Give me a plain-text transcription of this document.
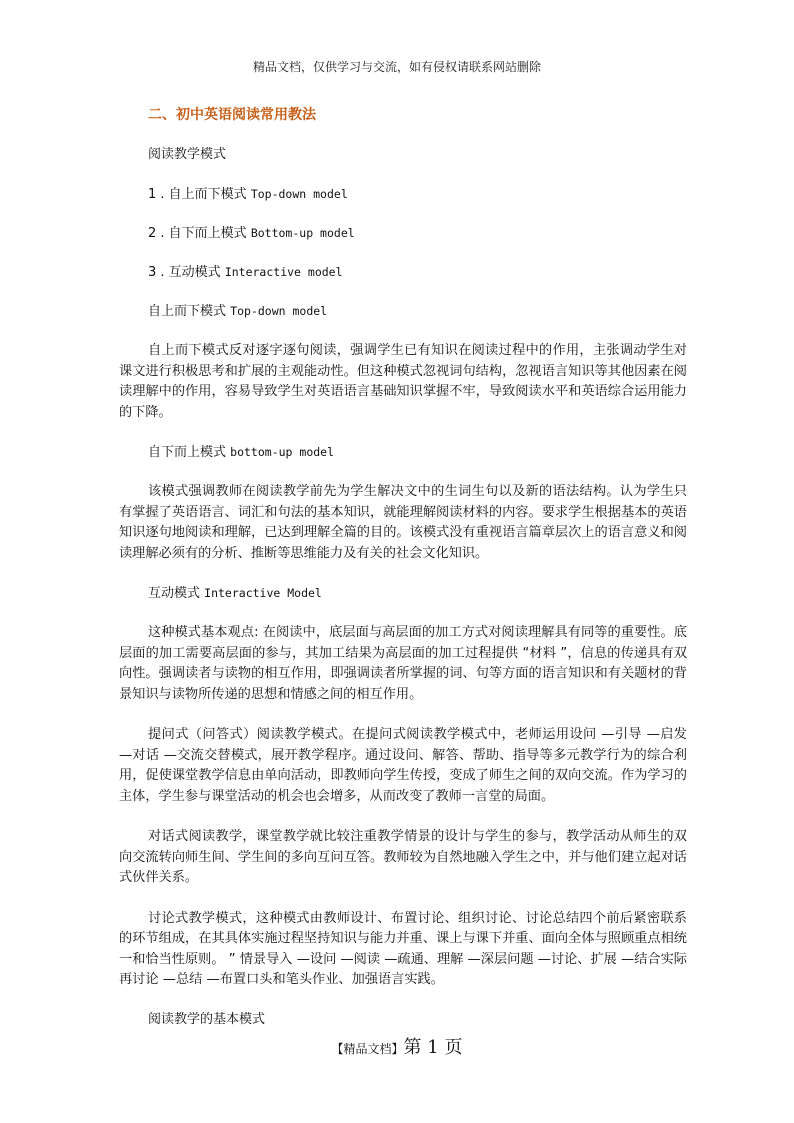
精品文档，仅供学习与交流，如有侵权请联系网站删除
二、初中英语阅读常用教法
阅读教学模式
1 . 自上而下模式 Top-down model
2 . 自下而上模式 Bottom-up model
3 . 互动模式 Interactive model
自上而下模式 Top-down model

自上而下模式反对逐字逐句阅读，强调学生已有知识在阅读过程中的作用，主张调动学生对课文进行积极思考和扩展的主观能动性。但这种模式忽视词句结构，忽视语言知识等其他因素在阅读理解中的作用，容易导致学生对英语语言基础知识掌握不牢，导致阅读水平和英语综合运用能力的下降。

自下而上模式 bottom-up model

该模式强调教师在阅读教学前先为学生解决文中的生词生句以及新的语法结构。认为学生只有掌握了英语语言、词汇和句法的基本知识，就能理解阅读材料的内容。要求学生根据基本的英语知识逐句地阅读和理解，已达到理解全篇的目的。该模式没有重视语言篇章层次上的语言意义和阅读理解必须有的分析、推断等思维能力及有关的社会文化知识。

互动模式 Interactive Model

这种模式基本观点: 在阅读中，底层面与高层面的加工方式对阅读理解具有同等的重要性。底层面的加工需要高层面的参与，其加工结果为高层面的加工过程提供 “材料 ”，信息的传递具有双向性。强调读者与读物的相互作用，即强调读者所掌握的词、句等方面的语言知识和有关题材的背景知识与读物所传递的思想和情感之间的相互作用。

提问式（问答式）阅读教学模式。在提问式阅读教学模式中，老师运用设问 —引导 —启发 —对话 —交流交替模式，展开教学程序。通过设问、解答、帮助、指导等多元教学行为的综合利用，促使课堂教学信息由单向活动，即教师向学生传授，变成了师生之间的双向交流。作为学习的主体，学生参与课堂活动的机会也会增多，从而改变了教师一言堂的局面。

对话式阅读教学，课堂教学就比较注重教学情景的设计与学生的参与，教学活动从师生的双向交流转向师生间、学生间的多向互问互答。教师较为自然地融入学生之中，并与他们建立起对话式伙伴关系。

讨论式教学模式，这种模式由教师设计、布置讨论、组织讨论、讨论总结四个前后紧密联系的环节组成，在其具体实施过程坚持知识与能力并重、课上与课下并重、面向全体与照顾重点相统一和恰当性原则。 ” 情景导入 —设问 —阅读 —疏通、理解 —深层问题 —讨论、扩展 —结合实际再讨论 —总结 —布置口头和笔头作业、加强语言实践。

阅读教学的基本模式
【精品文档】第 1 页
